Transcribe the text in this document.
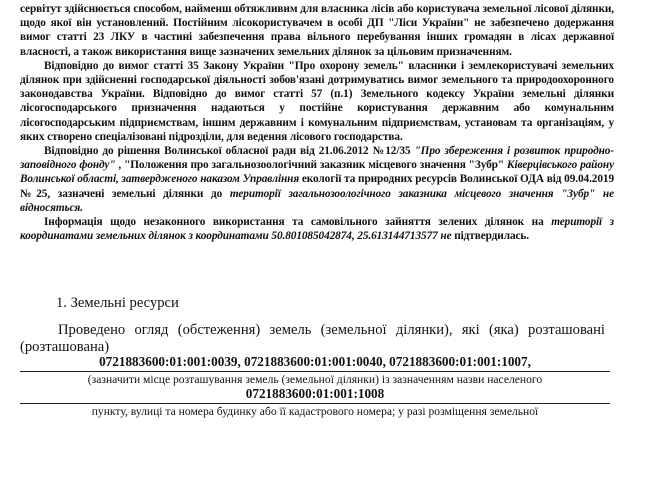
сервітут здійснюється способом, найменш обтяжливим для власника лісів або користувача земельної лісової ділянки, щодо якої він установлений. Постійним лісокористувачем в особі ДП "Ліси України" не забезпечено додержання вимог статті 23 ЛКУ в частині забезпечення права вільного перебування інших громадян в лісах державної власності, а також використання вище зазначених земельних ділянок за цільовим призначенням.

Відповідно до вимог статті 35 Закону України "Про охорону земель" власники і землекористувачі земельних ділянок при здійсненні господарської діяльності зобов'язані дотримуватись вимог земельного та природоохоронного законодавства України. Відповідно до вимог статті 57 (п.1) Земельного кодексу України земельні ділянки лісогосподарського призначення надаються у постійне користування державним або комунальним лісогосподарським підприємствам, іншим державним і комунальним підприємствам, установам та організаціям, у яких створено спеціалізовані підрозділи, для ведення лісового господарства.

Відповідно до рішення Волинської обласної ради від 21.06.2012 №12/35 "Про збереження і розвиток природно-заповідного фонду" , "Положення про загальнозоологічний заказник місцевого значення "Зубр" Ківерцівського району Волинської області, затвердженого наказом Управління екології та природних ресурсів Волинської ОДА від 09.04.2019 №25, зазначені земельні ділянки до території загальнозоологічного заказника місцевого значення "Зубр" не відносяться.

Інформація щодо незаконного використання та самовільного зайняття зелених ділянок на території з координатами земельних ділянок з координатами 50.801085042874, 25.613144713577 не підтвердилась.

1. Земельні ресурси

Проведено огляд (обстеження) земель (земельної ділянки), які (яка) розташовані (розташована)

0721883600:01:001:0039, 0721883600:01:001:0040, 0721883600:01:001:1007,
(зазначити місце розташування земель (земельної ділянки) із зазначенням назви населеного
0721883600:01:001:1008
пункту, вулиці та номера будинку або її кадастрового номера; у разі розміщення земельної
